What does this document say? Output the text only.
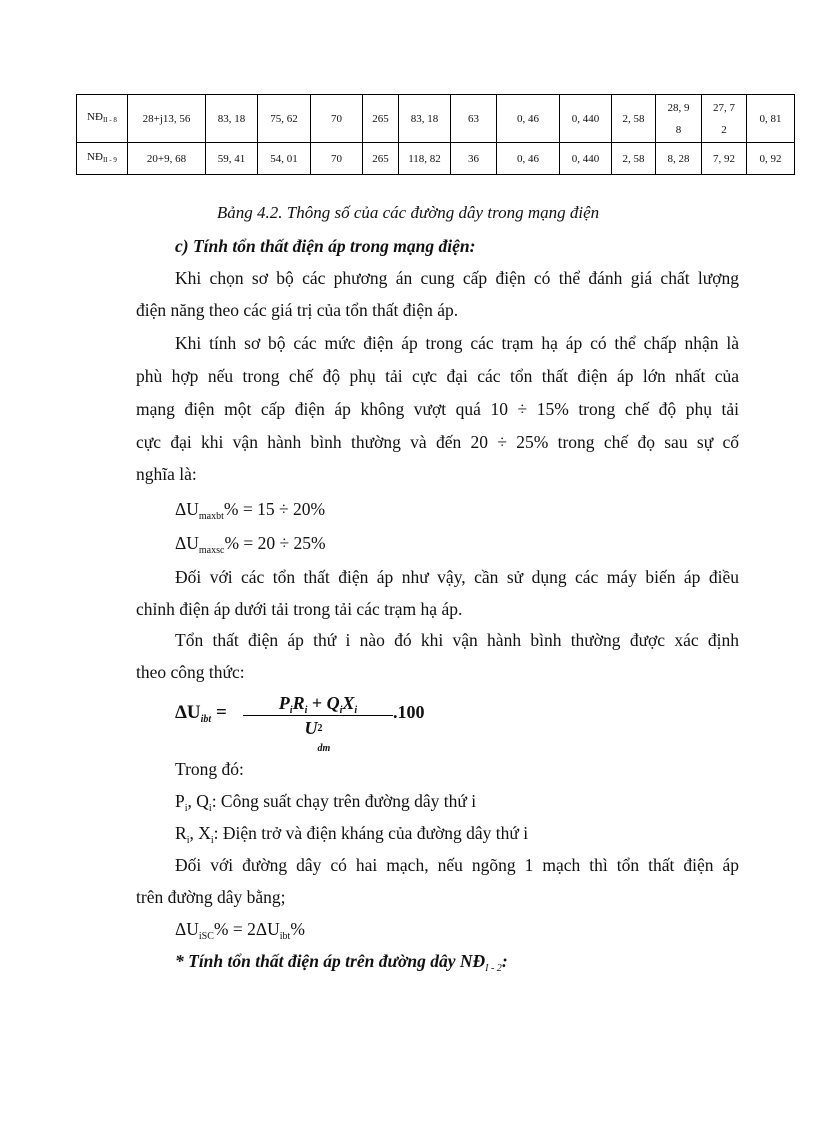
$NĐ_{II - 8}$	28+j13, 56	83, 18	75, 62	70	265	83, 18	63	0, 46	0, 440	2, 58	28, 98	27, 72	0, 81
$NĐ_{II - 9}$	20+9, 68	59, 41	54, 01	70	265	118, 82	36	0, 46	0, 440	2, 58	8, 28	7, 92	0, 92
Bảng 4.2. Thông số của các đường dây trong mạng điện
c) Tính tổn thất điện áp trong mạng điện:
Khi chọn sơ bộ các phương án cung cấp điện có thể đánh giá chất lượng
điện năng theo các giá trị của tổn thất điện áp.
Khi tính sơ bộ các mức điện áp trong các trạm hạ áp có thể chấp nhận là
phù hợp nếu trong chế độ phụ tải cực đại các tổn thất điện áp lớn nhất của
mạng điện một cấp điện áp không vượt quá 10 ÷ 15% trong chế độ phụ tải
cực đại khi vận hành bình thường và đến 20 ÷ 25% trong chế đọ sau sự cố
nghĩa là:
$\Delta U_{maxbt}\% = 15 \div 20\%$
$\Delta U_{maxsc}\% = 20 \div 25\%$
Đối với các tổn thất điện áp như vậy, cần sử dụng các máy biến áp điều
chỉnh điện áp dưới tải trong tải các trạm hạ áp.
Tổn thất điện áp thứ i nào đó khi vận hành bình thường được xác định
theo công thức:
$\Delta U_{ibt}$ =	$P_iR_i + Q_iX_i$
U 2
dm
.100
Trong đó:
$P_i$, $Q_i$: Công suất chạy trên đường dây thứ i
$R_i$, $X_i$: Điện trở và điện kháng của đường dây thứ i
Đối với đường dây có hai mạch, nếu ngõng 1 mạch thì tổn thất điện áp
trên đường dây bằng;
$\Delta U_{iSC}\% = 2\Delta U_{ibt}\%$
* Tính tổn thất điện áp trên đường dây $NĐ_{I - 2}$:
